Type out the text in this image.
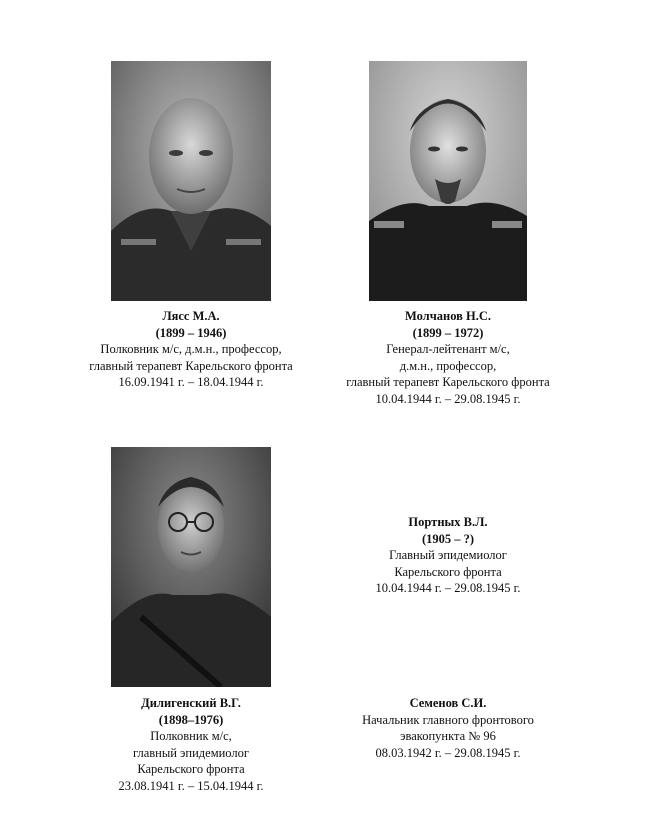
Лясс М.А.
(1899 – 1946)
Полковник м/с, д.м.н., профессор,
главный терапевт Карельского фронта
16.09.1941 г. – 18.04.1944 г.
Молчанов Н.С.
(1899 – 1972)
Генерал-лейтенант м/с,
д.м.н., профессор,
главный терапевт Карельского фронта
10.04.1944 г. – 29.08.1945 г.
Портных В.Л.
(1905 – ?)
Главный эпидемиолог
Карельского фронта
10.04.1944 г. – 29.08.1945 г.
Дилигенский В.Г.
(1898–1976)
Полковник м/с,
главный эпидемиолог
Карельского фронта
23.08.1941 г. – 15.04.1944 г.
Семенов С.И.
Начальник главного фронтового
эвакопункта № 96
08.03.1942 г. – 29.08.1945 г.
